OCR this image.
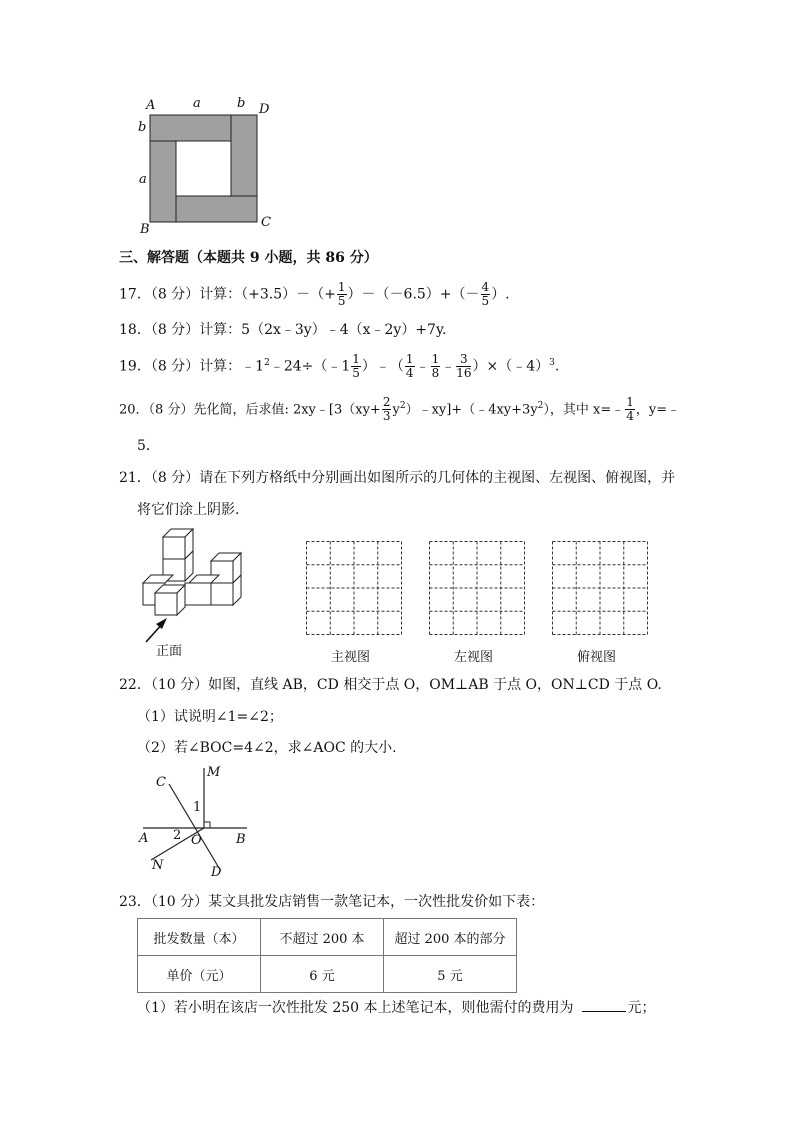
A	a	b D
b
a
B	C
三、解答题（本题共 9 小题，共 86 分）
17．（8 分）计算：$(+3.5)-(+ \frac{1}{5} )-(-6.5)+(- \frac{4}{5}$ ）.
18．（8 分）计算：5（2x﹣3y）﹣4（x﹣2y）+7y.
19．（8 分）计算：$﹣1^2﹣24\div(﹣1 \frac{1}{5}$ ）﹣（ $\frac{1}{4}$ ﹣ $\frac{1}{8}$ ﹣ $\frac{3}{16}$ ）×（﹣4）$^3$.
20．（8 分）先化简，后求值: 2xy﹣[3（xy+ $\frac{2}{3}$ $y^2)﹣xy]+(﹣4xy+3y^2)$，其中 x=﹣ $\frac{1}{4}$ ，y=﹣
5．
21．（8 分）请在下列方格纸中分别画出如图所示的几何体的主视图、左视图、俯视图，并
将它们涂上阴影.
正面	主视图	左视图	俯视图
22．（10 分）如图，直线 AB，CD 相交于点 O，OM⊥AB 于点 O，ON⊥CD 于点 O.
（1）试说明∠1=∠2；
（2）若∠BOC=4∠2，求∠AOC 的大小.
M
C
1
A 2 O	B
N	D
23．（10 分）某文具批发店销售一款笔记本，一次性批发价如下表：
批发数量（本）	不超过 200 本	超过 200 本的部分
单价（元）	6 元	5 元
（1）若小明在该店一次性批发 250 本上述笔记本，则他需付的费用为	元；
